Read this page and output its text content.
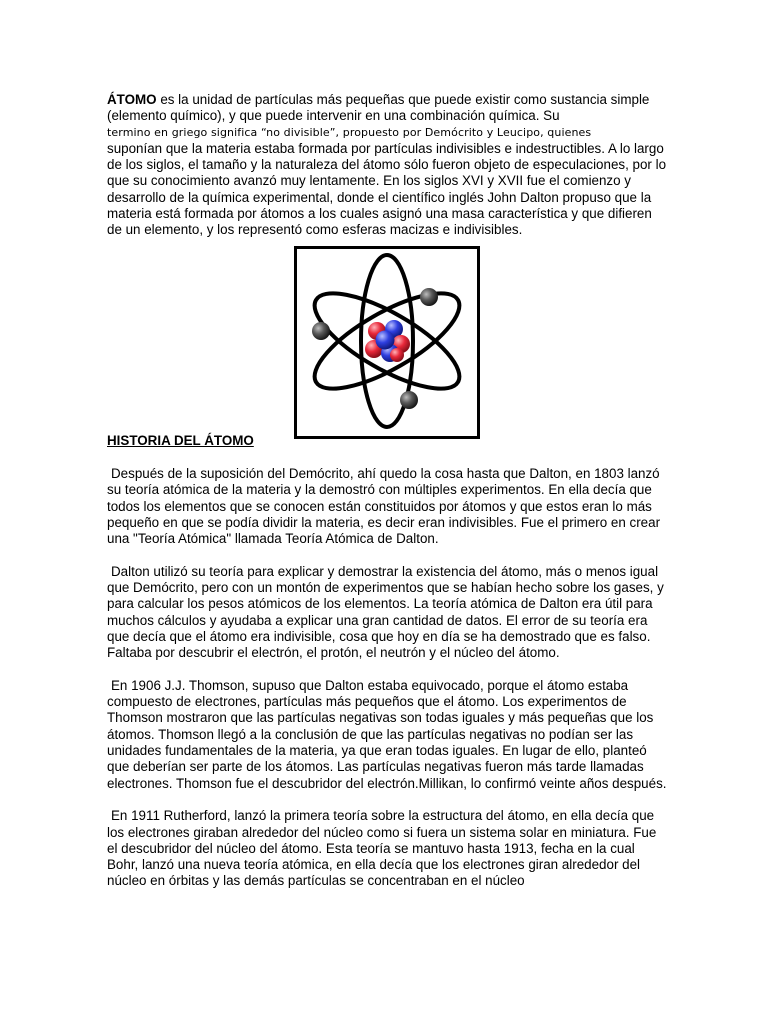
ÁTOMO es la unidad de partículas más pequeñas que puede existir como sustancia simple (elemento químico), y que puede intervenir en una combinación química. Su
termino en griego significa “no divisible”, propuesto por Demócrito y Leucipo, quienes
suponían que la materia estaba formada por partículas indivisibles e indestructibles. A lo largo de los siglos, el tamaño y la naturaleza del átomo sólo fueron objeto de especulaciones, por lo que su conocimiento avanzó muy lentamente. En los siglos XVI y XVII fue el comienzo y desarrollo de la química experimental, donde el científico inglés John Dalton propuso que la materia está formada por átomos a los cuales asignó una masa característica y que difieren de un elemento, y los representó como esferas macizas e indivisibles.

HISTORIA DEL ÁTOMO

Después de la suposición del Demócrito, ahí quedo la cosa hasta que Dalton, en 1803 lanzó su teoría atómica de la materia y la demostró con múltiples experimentos. En ella decía que todos los elementos que se conocen están constituidos por átomos y que estos eran lo más pequeño en que se podía dividir la materia, es decir eran indivisibles. Fue el primero en crear una "Teoría Atómica" llamada Teoría Atómica de Dalton.

Dalton utilizó su teoría para explicar y demostrar la existencia del átomo, más o menos igual que Demócrito, pero con un montón de experimentos que se habían hecho sobre los gases, y para calcular los pesos atómicos de los elementos. La teoría atómica de Dalton era útil para muchos cálculos y ayudaba a explicar una gran cantidad de datos. El error de su teoría era que decía que el átomo era indivisible, cosa que hoy en día se ha demostrado que es falso. Faltaba por descubrir el electrón, el protón, el neutrón y el núcleo del átomo.

En 1906 J.J. Thomson, supuso que Dalton estaba equivocado, porque el átomo estaba compuesto de electrones, partículas más pequeños que el átomo. Los experimentos de Thomson mostraron que las partículas negativas son todas iguales y más pequeñas que los átomos. Thomson llegó a la conclusión de que las partículas negativas no podían ser las unidades fundamentales de la materia, ya que eran todas iguales. En lugar de ello, planteó que deberían ser parte de los átomos. Las partículas negativas fueron más tarde llamadas electrones. Thomson fue el descubridor del electrón.Millikan, lo confirmó veinte años después.

En 1911 Rutherford, lanzó la primera teoría sobre la estructura del átomo, en ella decía que los electrones giraban alrededor del núcleo como si fuera un sistema solar en miniatura. Fue el descubridor del núcleo del átomo. Esta teoría se mantuvo hasta 1913, fecha en la cual Bohr, lanzó una nueva teoría atómica, en ella decía que los electrones giran alrededor del núcleo en órbitas y las demás partículas se concentraban en el núcleo
